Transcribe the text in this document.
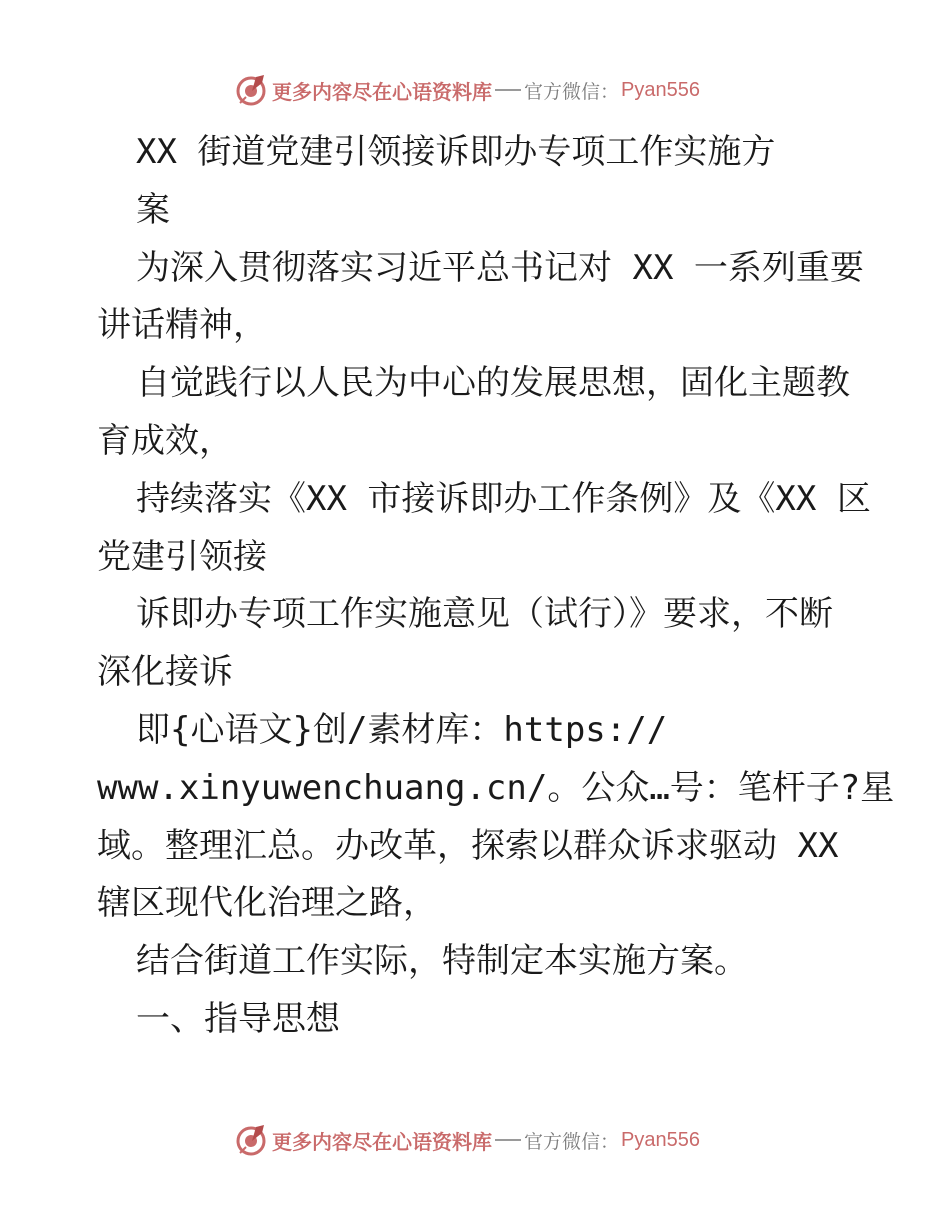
更多内容尽在心语资料库 官方微信： Pyan556
XX 街道党建引领接诉即办专项工作实施方
案
为深入贯彻落实习近平总书记对 XX 一系列重要
讲话精神，
自觉践行以人民为中心的发展思想，固化主题教
育成效，
持续落实《XX 市接诉即办工作条例》及《XX 区
党建引领接
诉即办专项工作实施意见（试行）》要求，不断
深化接诉
即{心语文}创/素材库：https://
www.xinyuwenchuang.cn/。公众…号：笔杆子?星
域。整理汇总。办改革，探索以群众诉求驱动 XX
辖区现代化治理之路，
结合街道工作实际，特制定本实施方案。
一、指导思想
更多内容尽在心语资料库 官方微信： Pyan556
